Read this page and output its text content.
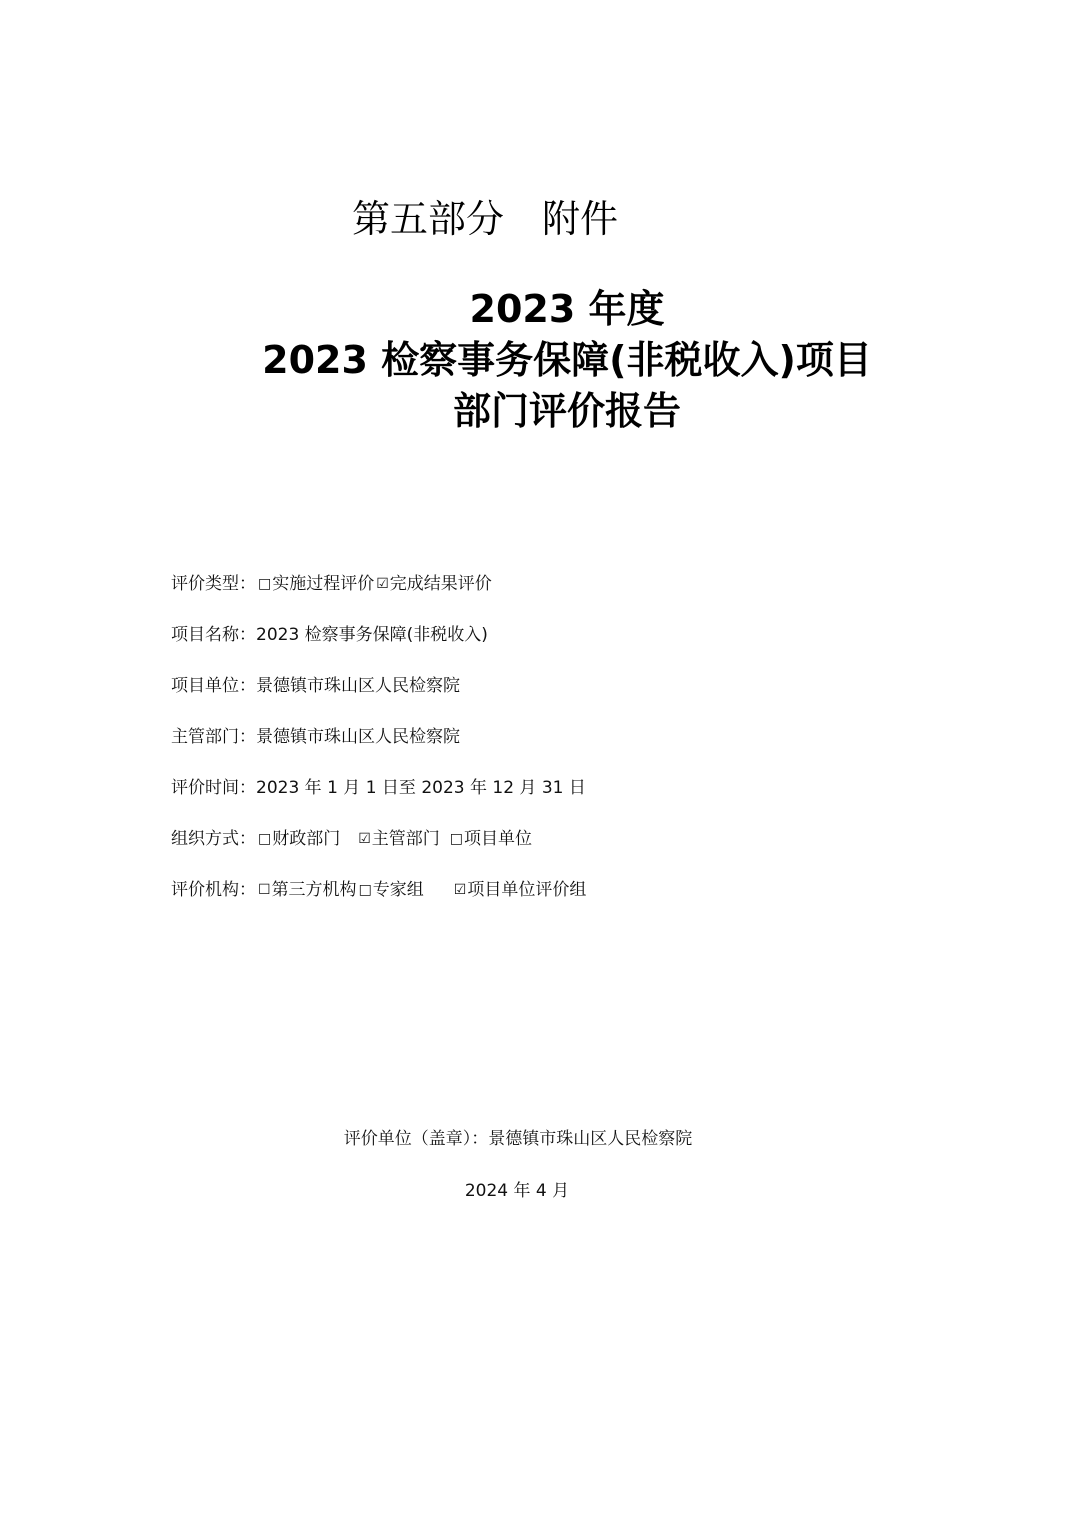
第五部分　附件
2023 年度
2023 检察事务保障(非税收入)项目
部门评价报告
评价类型： □实施过程评价 ☑完成结果评价
项目名称：2023 检察事务保障(非税收入)
项目单位：景德镇市珠山区人民检察院
主管部门：景德镇市珠山区人民检察院
评价时间：2023 年 1 月 1 日至 2023 年 12 月 31 日
组织方式： □财政部门 ☑主管部门 □项目单位
评价机构： ☐第三方机构 □专家组 ☑项目单位评价组
评价单位（盖章）：景德镇市珠山区人民检察院
2024 年 4 月
